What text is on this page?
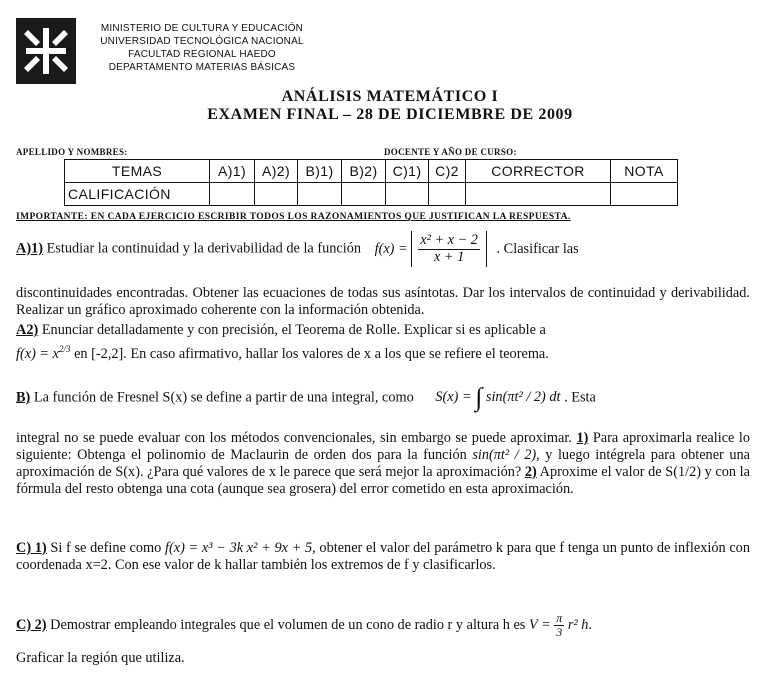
MINISTERIO DE CULTURA Y EDUCACIÓN
UNIVERSIDAD TECNOLÓGICA NACIONAL
FACULTAD REGIONAL HAEDO
DEPARTAMENTO MATERIAS BÁSICAS
ANÁLISIS MATEMÁTICO I
EXAMEN FINAL – 28 DE DICIEMBRE DE 2009
APELLIDO Y NOMBRES:	DOCENTE Y AÑO DE CURSO:
TEMAS	A)1)	A)2)	B)1)	B)2)	C)1)	C)2	CORRECTOR	NOTA
CALIFICACIÓN								
IMPORTANTE: EN CADA EJERCICIO ESCRIBIR TODOS LOS RAZONAMIENTOS QUE JUSTIFICAN LA RESPUESTA.
A)1) Estudiar la continuidad y la derivabilidad de la función $f(x) = \frac{\text{x² + x − 2}}{x + 1}$ . Clasificar las
discontinuidades encontradas. Obtener las ecuaciones de todas sus asíntotas. Dar los intervalos de continuidad y derivabilidad. Realizar un gráfico aproximado coherente con la información obtenida.
A2) Enunciar detalladamente y con precisión, el Teorema de Rolle. Explicar si es aplicable a
$f(x) = x^{2/3}$ en [-2,2]. En caso afirmativo, hallar los valores de x a los que se refiere el teorema.
B) La función de Fresnel S(x) se define a partir de una integral, como S(x) = ∫ sin(πt² / 2) dt . Esta
integral no se puede evaluar con los métodos convencionales, sin embargo se puede aproximar. 1) Para aproximarla realice lo siguiente: Obtenga el polinomio de Maclaurin de orden dos para la función sin(πt² / 2), y luego intégrela para obtener una aproximación de S(x). ¿Para qué valores de x le parece que será mejor la aproximación? 2) Aproxime el valor de S(1/2) y con la fórmula del resto obtenga una cota (aunque sea grosera) del error cometido en esta aproximación.
C) 1) Si f se define como f(x) = x³ − 3k x² + 9x + 5, obtener el valor del parámetro k para que f tenga un punto de inflexión con coordenada x=2. Con ese valor de k hallar también los extremos de f y clasificarlos.
C) 2) Demostrar empleando integrales que el volumen de un cono de radio r y altura h es $V = \frac{\pi}{3} r^2$ h.
Graficar la región que utiliza.
